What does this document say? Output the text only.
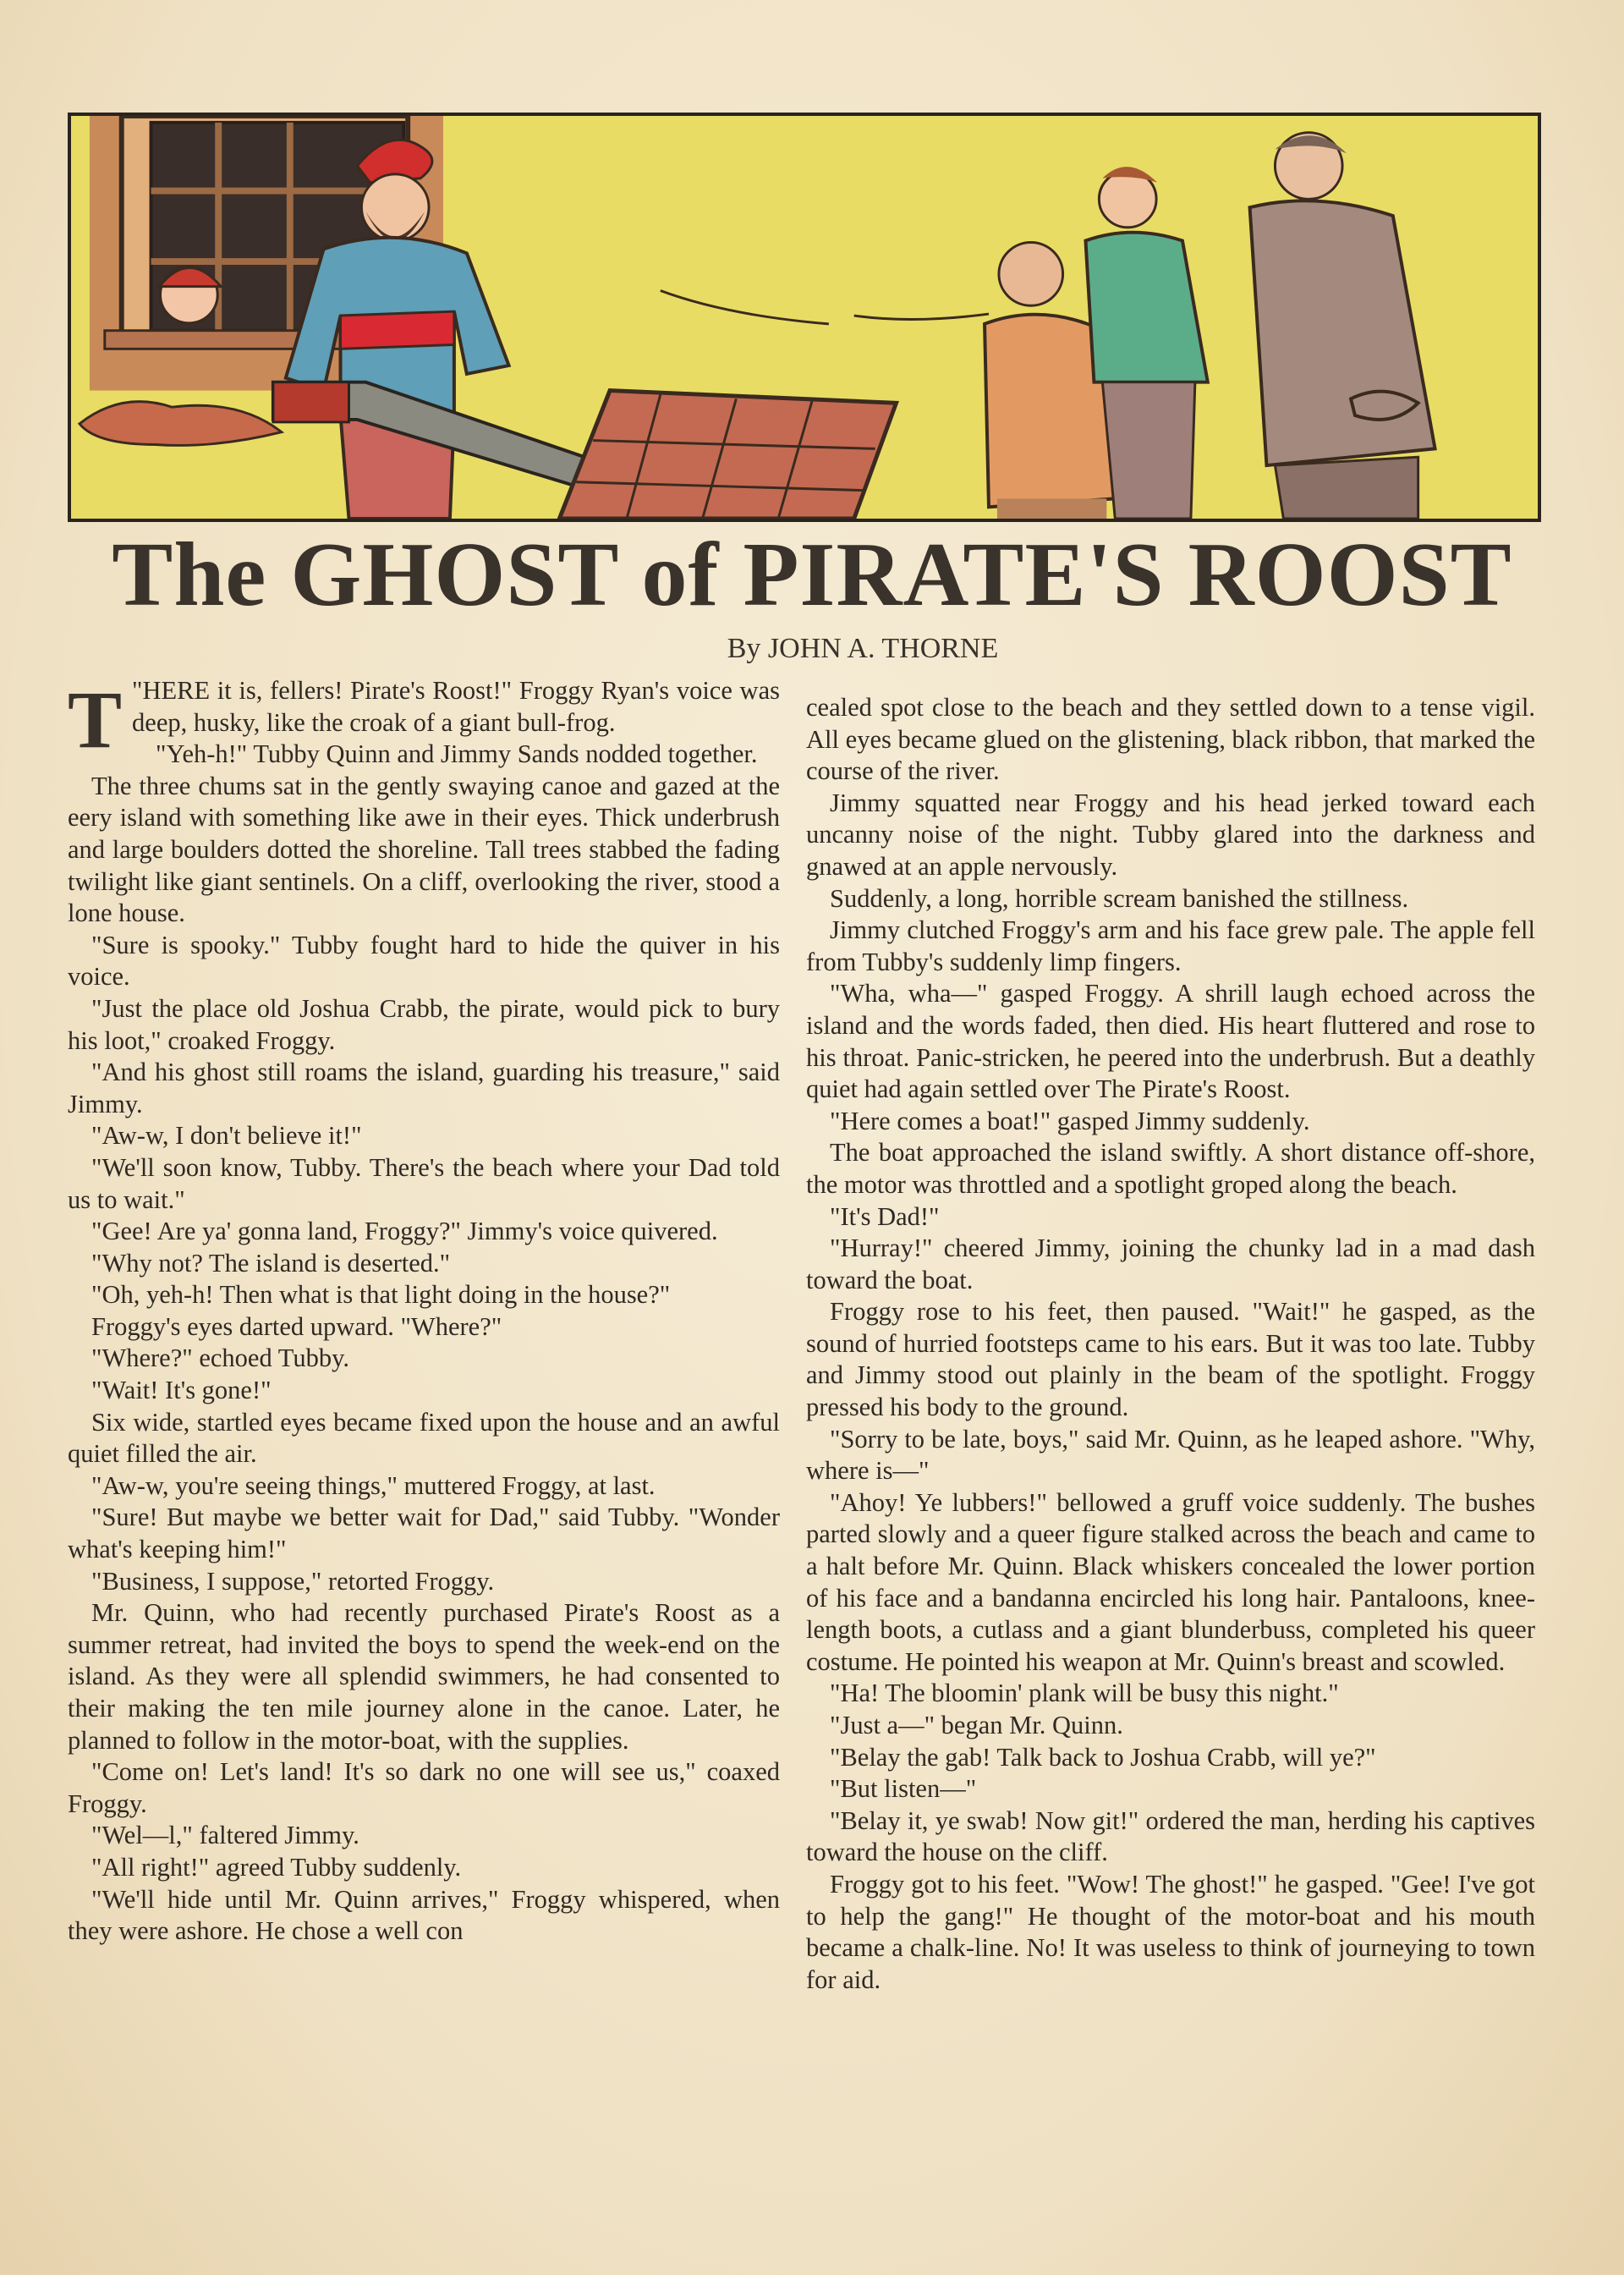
The GHOST of PIRATE'S ROOST
By JOHN A. THORNE

"
T HERE it is, fellers! Pirate's Roost!" Froggy Ryan's voice was deep, husky, like the croak of a giant bull-frog.

"Yeh-h!" Tubby Quinn and Jimmy Sands nodded together.

The three chums sat in the gently swaying canoe and gazed at the eery island with something like awe in their eyes. Thick underbrush and large boulders dotted the shoreline. Tall trees stabbed the fading twilight like giant sentinels. On a cliff, overlooking the river, stood a lone house.

"Sure is spooky." Tubby fought hard to hide the quiver in his voice.

"Just the place old Joshua Crabb, the pirate, would pick to bury his loot," croaked Froggy.

"And his ghost still roams the island, guarding his treasure," said Jimmy.

"Aw-w, I don't believe it!"

"We'll soon know, Tubby. There's the beach where your Dad told us to wait."

"Gee! Are ya' gonna land, Froggy?" Jimmy's voice quivered.

"Why not? The island is deserted."

"Oh, yeh-h! Then what is that light doing in the house?"

Froggy's eyes darted upward. "Where?"

"Where?" echoed Tubby.

"Wait! It's gone!"

Six wide, startled eyes became fixed upon the house and an awful quiet filled the air.

"Aw-w, you're seeing things," muttered Froggy, at last.

"Sure! But maybe we better wait for Dad," said Tubby. "Wonder what's keeping him!"

"Business, I suppose," retorted Froggy.

Mr. Quinn, who had recently purchased Pirate's Roost as a summer retreat, had invited the boys to spend the week-end on the island. As they were all splendid swimmers, he had consented to their making the ten mile journey alone in the canoe. Later, he planned to follow in the motor-boat, with the supplies.

"Come on! Let's land! It's so dark no one will see us," coaxed Froggy.

"Wel—l," faltered Jimmy.

"All right!" agreed Tubby suddenly.

"We'll hide until Mr. Quinn arrives," Froggy whispered, when they were ashore. He chose a well con

cealed spot close to the beach and they settled down to a tense vigil. All eyes became glued on the glistening, black ribbon, that marked the course of the river.

Jimmy squatted near Froggy and his head jerked toward each uncanny noise of the night. Tubby glared into the darkness and gnawed at an apple nervously.

Suddenly, a long, horrible scream banished the stillness.

Jimmy clutched Froggy's arm and his face grew pale. The apple fell from Tubby's suddenly limp fingers.

"Wha, wha—" gasped Froggy. A shrill laugh echoed across the island and the words faded, then died. His heart fluttered and rose to his throat. Panic-stricken, he peered into the underbrush. But a deathly quiet had again settled over The Pirate's Roost.

"Here comes a boat!" gasped Jimmy suddenly.

The boat approached the island swiftly. A short distance off-shore, the motor was throttled and a spotlight groped along the beach.

"It's Dad!"

"Hurray!" cheered Jimmy, joining the chunky lad in a mad dash toward the boat.

Froggy rose to his feet, then paused. "Wait!" he gasped, as the sound of hurried footsteps came to his ears. But it was too late. Tubby and Jimmy stood out plainly in the beam of the spotlight. Froggy pressed his body to the ground.

"Sorry to be late, boys," said Mr. Quinn, as he leaped ashore. "Why, where is—"

"Ahoy! Ye lubbers!" bellowed a gruff voice suddenly. The bushes parted slowly and a queer figure stalked across the beach and came to a halt before Mr. Quinn. Black whiskers concealed the lower portion of his face and a bandanna encircled his long hair. Pantaloons, knee-length boots, a cutlass and a giant blunderbuss, completed his queer costume. He pointed his weapon at Mr. Quinn's breast and scowled.

"Ha! The bloomin' plank will be busy this night."

"Just a—" began Mr. Quinn.

"Belay the gab! Talk back to Joshua Crabb, will ye?"

"But listen—"

"Belay it, ye swab! Now git!" ordered the man, herding his captives toward the house on the cliff.

Froggy got to his feet. "Wow! The ghost!" he gasped. "Gee! I've got to help the gang!" He thought of the motor-boat and his mouth became a chalk-line. No! It was useless to think of journeying to town for aid.
